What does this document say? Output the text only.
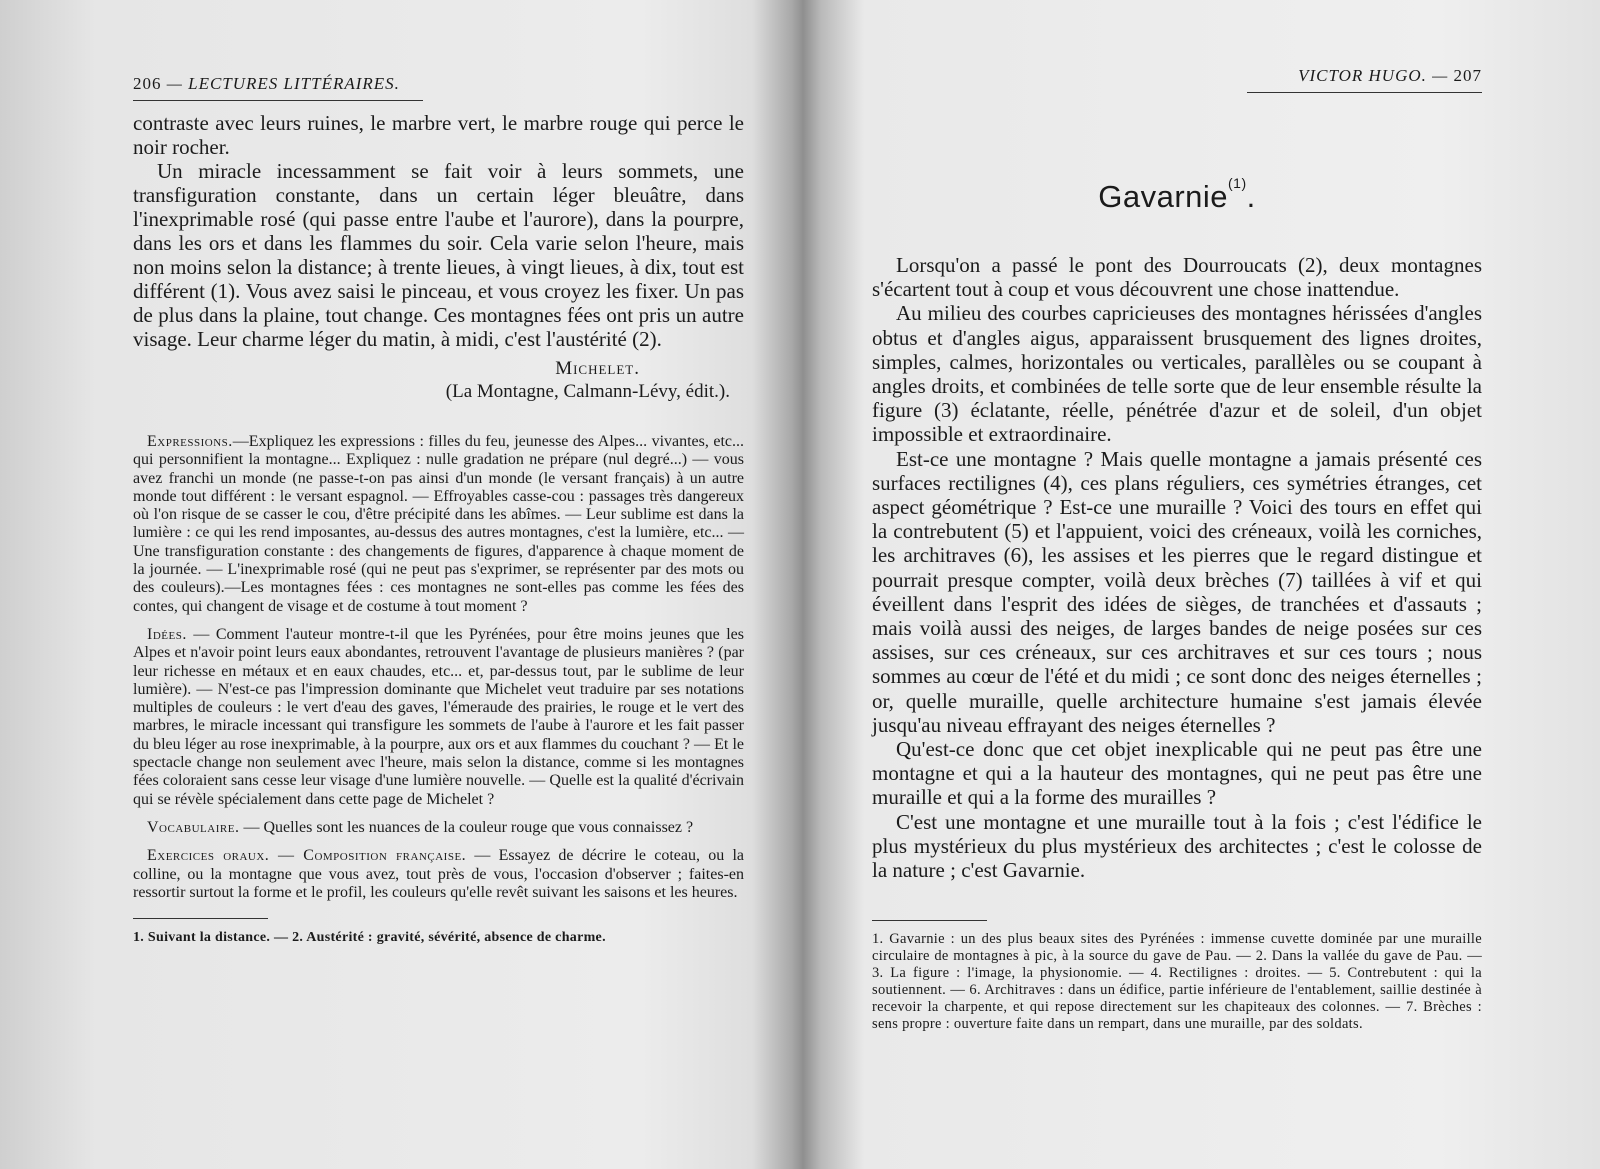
206 — LECTURES LITTÉRAIRES.

contraste avec leurs ruines, le marbre vert, le marbre rouge qui perce le noir rocher.

Un miracle incessamment se fait voir à leurs sommets, une transfiguration constante, dans un certain léger bleuâtre, dans l'inexprimable rosé (qui passe entre l'aube et l'aurore), dans la pourpre, dans les ors et dans les flammes du soir. Cela varie selon l'heure, mais non moins selon la distance; à trente lieues, à vingt lieues, à dix, tout est différent (1). Vous avez saisi le pinceau, et vous croyez les fixer. Un pas de plus dans la plaine, tout change. Ces montagnes fées ont pris un autre visage. Leur charme léger du matin, à midi, c'est l'austérité (2).

Michelet.
(La Montagne, Calmann-Lévy, édit.).

Expressions.—Expliquez les expressions : filles du feu, jeunesse des Alpes... vivantes, etc... qui personnifient la montagne... Expliquez : nulle gradation ne prépare (nul degré...) — vous avez franchi un monde (ne passe-t-on pas ainsi d'un monde (le versant français) à un autre monde tout différent : le versant espagnol. — Effroyables casse-cou : passages très dangereux où l'on risque de se casser le cou, d'être précipité dans les abîmes. — Leur sublime est dans la lumière : ce qui les rend imposantes, au-dessus des autres montagnes, c'est la lumière, etc... — Une transfiguration constante : des changements de figures, d'apparence à chaque moment de la journée. — L'inexprimable rosé (qui ne peut pas s'exprimer, se représenter par des mots ou des couleurs).—Les montagnes fées : ces montagnes ne sont-elles pas comme les fées des contes, qui changent de visage et de costume à tout moment ?

Idées. — Comment l'auteur montre-t-il que les Pyrénées, pour être moins jeunes que les Alpes et n'avoir point leurs eaux abondantes, retrouvent l'avantage de plusieurs manières ? (par leur richesse en métaux et en eaux chaudes, etc... et, par-dessus tout, par le sublime de leur lumière). — N'est-ce pas l'impression dominante que Michelet veut traduire par ses notations multiples de couleurs : le vert d'eau des gaves, l'émeraude des prairies, le rouge et le vert des marbres, le miracle incessant qui transfigure les sommets de l'aube à l'aurore et les fait passer du bleu léger au rose inexprimable, à la pourpre, aux ors et aux flammes du couchant ? — Et le spectacle change non seulement avec l'heure, mais selon la distance, comme si les montagnes fées coloraient sans cesse leur visage d'une lumière nouvelle. — Quelle est la qualité d'écrivain qui se révèle spécialement dans cette page de Michelet ?

Vocabulaire. — Quelles sont les nuances de la couleur rouge que vous connaissez ?

Exercices oraux. — Composition française. — Essayez de décrire le coteau, ou la colline, ou la montagne que vous avez, tout près de vous, l'occasion d'observer ; faites-en ressortir surtout la forme et le profil, les couleurs qu'elle revêt suivant les saisons et les heures.

1. Suivant la distance. — 2. Austérité : gravité, sévérité, absence de charme.
VICTOR HUGO. — 207
Gavarnie$^{(1)}$.

Lorsqu'on a passé le pont des Dourroucats (2), deux montagnes s'écartent tout à coup et vous découvrent une chose inattendue.

Au milieu des courbes capricieuses des montagnes hérissées d'angles obtus et d'angles aigus, apparaissent brusquement des lignes droites, simples, calmes, horizontales ou verticales, parallèles ou se coupant à angles droits, et combinées de telle sorte que de leur ensemble résulte la figure (3) éclatante, réelle, pénétrée d'azur et de soleil, d'un objet impossible et extraordinaire.

Est-ce une montagne ? Mais quelle montagne a jamais présenté ces surfaces rectilignes (4), ces plans réguliers, ces symétries étranges, cet aspect géométrique ? Est-ce une muraille ? Voici des tours en effet qui la contrebutent (5) et l'appuient, voici des créneaux, voilà les corniches, les architraves (6), les assises et les pierres que le regard distingue et pourrait presque compter, voilà deux brèches (7) taillées à vif et qui éveillent dans l'esprit des idées de sièges, de tranchées et d'assauts ; mais voilà aussi des neiges, de larges bandes de neige posées sur ces assises, sur ces créneaux, sur ces architraves et sur ces tours ; nous sommes au cœur de l'été et du midi ; ce sont donc des neiges éternelles ; or, quelle muraille, quelle architecture humaine s'est jamais élevée jusqu'au niveau effrayant des neiges éternelles ?

Qu'est-ce donc que cet objet inexplicable qui ne peut pas être une montagne et qui a la hauteur des montagnes, qui ne peut pas être une muraille et qui a la forme des murailles ?

C'est une montagne et une muraille tout à la fois ; c'est l'édifice le plus mystérieux du plus mystérieux des architectes ; c'est le colosse de la nature ; c'est Gavarnie.

1. Gavarnie : un des plus beaux sites des Pyrénées : immense cuvette dominée par une muraille circulaire de montagnes à pic, à la source du gave de Pau. — 2. Dans la vallée du gave de Pau. — 3. La figure : l'image, la physionomie. — 4. Rectilignes : droites. — 5. Contrebutent : qui la soutiennent. — 6. Architraves : dans un édifice, partie inférieure de l'entablement, saillie destinée à recevoir la charpente, et qui repose directement sur les chapiteaux des colonnes. — 7. Brèches : sens propre : ouverture faite dans un rempart, dans une muraille, par des soldats.
